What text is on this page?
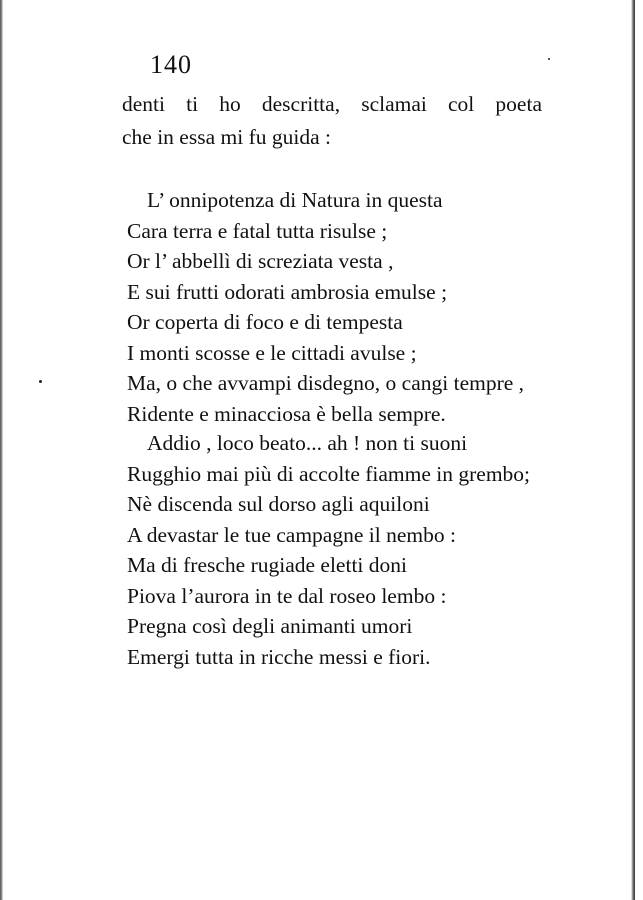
140
denti ti ho descritta, sclamai col poeta
che in essa mi fu guida :
L’ onnipotenza di Natura in questa
Cara terra e fatal tutta risulse ;
Or l’ abbellì di screziata vesta ,
E sui frutti odorati ambrosia emulse ;
Or coperta di foco e di tempesta
I monti scosse e le cittadi avulse ;
Ma, o che avvampi disdegno, o cangi tempre ,
Ridente e minacciosa è bella sempre.
Addio , loco beato... ah ! non ti suoni
Rugghio mai più di accolte fiamme in grembo;
Nè discenda sul dorso agli aquiloni
A devastar le tue campagne il nembo :
Ma di fresche rugiade eletti doni
Piova l’aurora in te dal roseo lembo :
Pregna così degli animanti umori
Emergi tutta in ricche messi e fiori.
